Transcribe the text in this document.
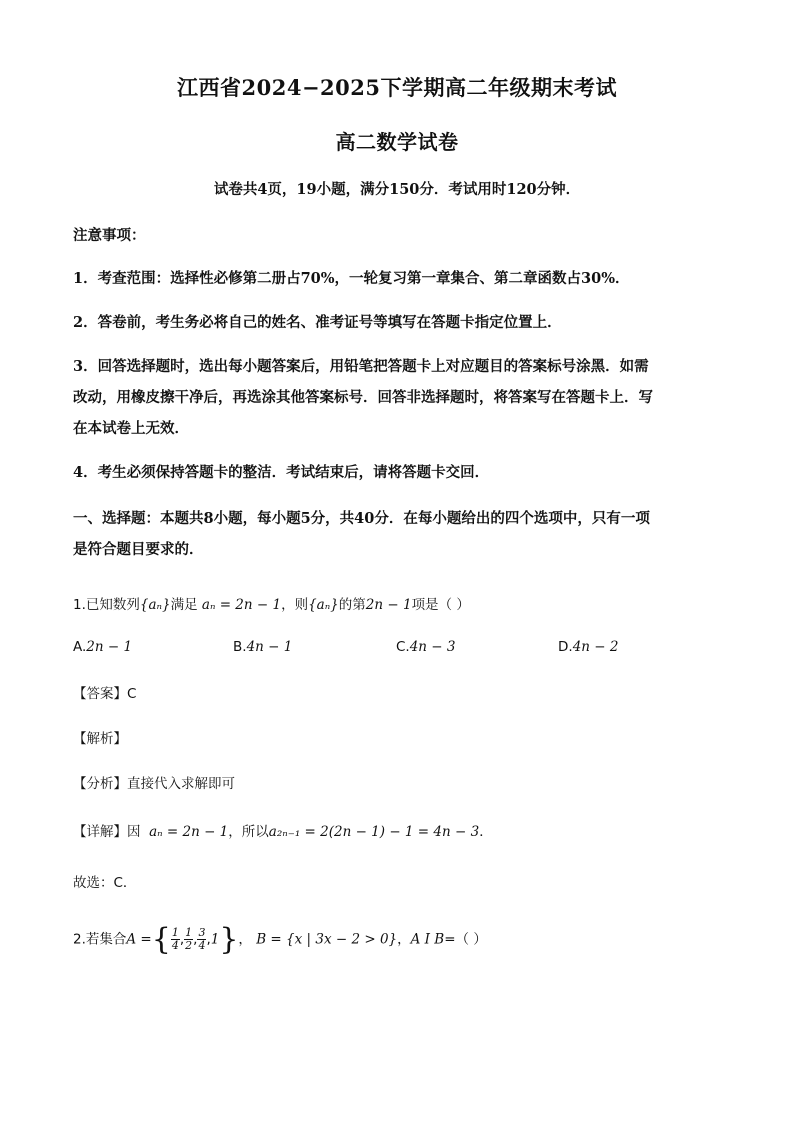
江西省2024−2025下学期高二年级期末考试
高二数学试卷
试卷共4页，19小题，满分150分．考试用时120分钟．
注意事项：
1．考查范围：选择性必修第二册占70%，一轮复习第一章集合、第二章函数占30%．
2．答卷前，考生务必将自己的姓名、准考证号等填写在答题卡指定位置上．
3．回答选择题时，选出每小题答案后，用铅笔把答题卡上对应题目的答案标号涂黑．如需
改动，用橡皮擦干净后，再选涂其他答案标号．回答非选择题时，将答案写在答题卡上．写
在本试卷上无效．
4．考生必须保持答题卡的整洁．考试结束后，请将答题卡交回．
一、选择题：本题共8小题，每小题5分，共40分．在每小题给出的四个选项中，只有一项
是符合题目要求的．
1.已知数列{aₙ}满足 aₙ = 2n − 1，则{aₙ}的第2n − 1项是（ ）
A.2n − 1	B.4n − 1	C.4n − 3	D.4n − 2
【答案】C
【解析】
【分析】直接代入求解即可
【详解】因 aₙ = 2n − 1，所以a₂ₙ₋₁ = 2(2n − 1) − 1 = 4n − 3．
故选：C．
2.若集合A ={ $\frac{1}{4}$ , $\frac{1}{2}$ , $\frac{3}{4} ,1$}， B = {x | 3x − 2 > 0}，A I B=（ ）
